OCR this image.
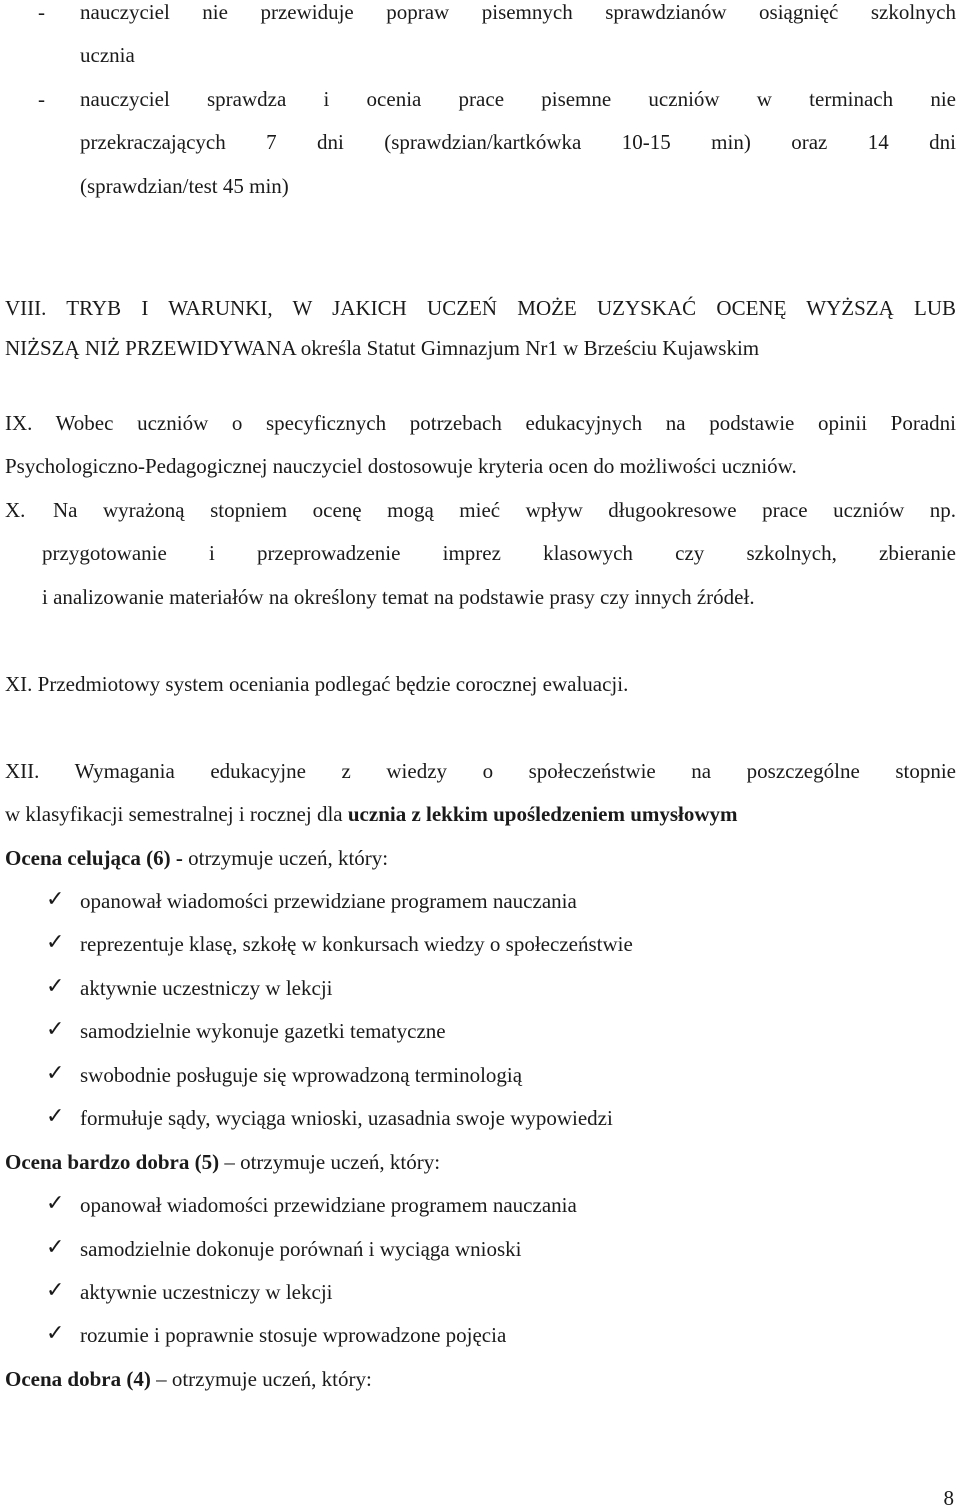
- nauczyciel nie przewiduje popraw pisemnych sprawdzianów osiągnięć szkolnych
ucznia
- nauczyciel sprawdza i ocenia prace pisemne uczniów w terminach nie
przekraczających 7 dni (sprawdzian/kartkówka 10-15 min) oraz 14 dni
(sprawdzian/test 45 min)
VIII. TRYB I WARUNKI, W JAKICH UCZEŃ MOŻE UZYSKAĆ OCENĘ WYŻSZĄ LUB
NIŻSZĄ NIŻ PRZEWIDYWANA określa Statut Gimnazjum Nr1 w Brześciu Kujawskim
IX. Wobec uczniów o specyficznych potrzebach edukacyjnych na podstawie opinii Poradni
Psychologiczno-Pedagogicznej nauczyciel dostosowuje kryteria ocen do możliwości uczniów.
X. Na wyrażoną stopniem ocenę mogą mieć wpływ długookresowe prace uczniów np.
przygotowanie i przeprowadzenie imprez klasowych czy szkolnych, zbieranie
i analizowanie materiałów na określony temat na podstawie prasy czy innych źródeł.
XI. Przedmiotowy system oceniania podlegać będzie corocznej ewaluacji.
XII. Wymagania edukacyjne z wiedzy o społeczeństwie na poszczególne stopnie
w klasyfikacji semestralnej i rocznej dla ucznia z lekkim upośledzeniem umysłowym
Ocena celująca (6) - otrzymuje uczeń, który:
✓ opanował wiadomości przewidziane programem nauczania
✓ reprezentuje klasę, szkołę w konkursach wiedzy o społeczeństwie
✓ aktywnie uczestniczy w lekcji
✓ samodzielnie wykonuje gazetki tematyczne
✓ swobodnie posługuje się wprowadzoną terminologią
✓ formułuje sądy, wyciąga wnioski, uzasadnia swoje wypowiedzi
Ocena bardzo dobra (5) – otrzymuje uczeń, który:
✓ opanował wiadomości przewidziane programem nauczania
✓ samodzielnie dokonuje porównań i wyciąga wnioski
✓ aktywnie uczestniczy w lekcji
✓ rozumie i poprawnie stosuje wprowadzone pojęcia
Ocena dobra (4) – otrzymuje uczeń, który:
8
